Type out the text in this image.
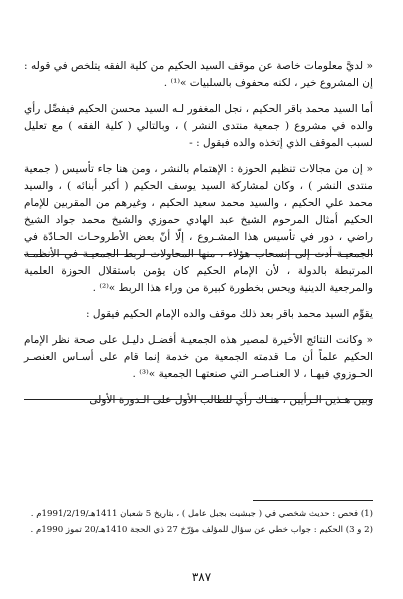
« لديَّ معلومات خاصة عن موقف السيد الحكيم من كلية الفقه يتلخص في قوله : إن المشروع خير ، لكنه محفوف بالسلبيات »⁽¹⁾ .

أما السيد محمد باقر الحكيم ، نجل المغفور لـه السيد محسن الحكيم فيفصِّل رأي والده في مشروع ( جمعية منتدى النشر ) ، وبالتالي ( كلية الفقه ) مع تعليل لسبب الموقف الذي إتخذه والده فيقول : -

« إن من مجالات تنظيم الحوزة : الإهتمام بالنشر ، ومن هنا جاء تأسيس ( جمعية منتدى النشر ) ، وكان لمشاركة السيد يوسف الحكيم ( أكبر أبنائه ) ، والسيد محمد علي الحكيم ، والسيد محمد سعيد الحكيم ، وغيرهم من المقربين للإمام الحكيم أمثال المرحوم الشيخ عبد الهادي حموزي والشيخ محمد جواد الشيخ راضي ، دور في تأسيس هذا المشـروع ، إلّا أنّ بعض الأطروحـات الحـادّة في الجمعيـة أدت إلى إنسحاب هؤلاء ، منها المحاولات لربط الجمعيـة في الأنظمـة المرتبطة بالدولة ، لأن الإمام الحكيم كان يؤمن باستقلال الحوزة العلمية والمرجعية الدينية ويحس بخطورة كبيرة من وراء هذا الربط »⁽²⁾ .

يقوِّم السيد محمد باقر بعد ذلك موقف والده الإمام الحكيم فيقول :

« وكانت النتائج الأخيرة لمصير هذه الجمعيـة أفضـل دليـل على صحة نظر الإمام الحكيم علماً أن مـا قدمته الجمعية من خدمة إنما قام على أسـاس العنصـر الحـوزوي فيهـا ، لا العنـاصـر التي صنعتهـا الجمعية »⁽³⁾ .

وبين هـذين الـرأيين ، هنـاك رأي للطالب الأول على الـدورة الأولى

(1) فحص : حديث شخصي في ( جبشيت بجبل عامل ) ، بتاريخ 5 شعبان 1411هـ/1991/2/19م .

(2 و 3) الحكيم : جواب خطي عن سؤال للمؤلف مؤرّخ 27 ذي الحجة 1410هـ/20 تموز 1990م .

٣٨٧
